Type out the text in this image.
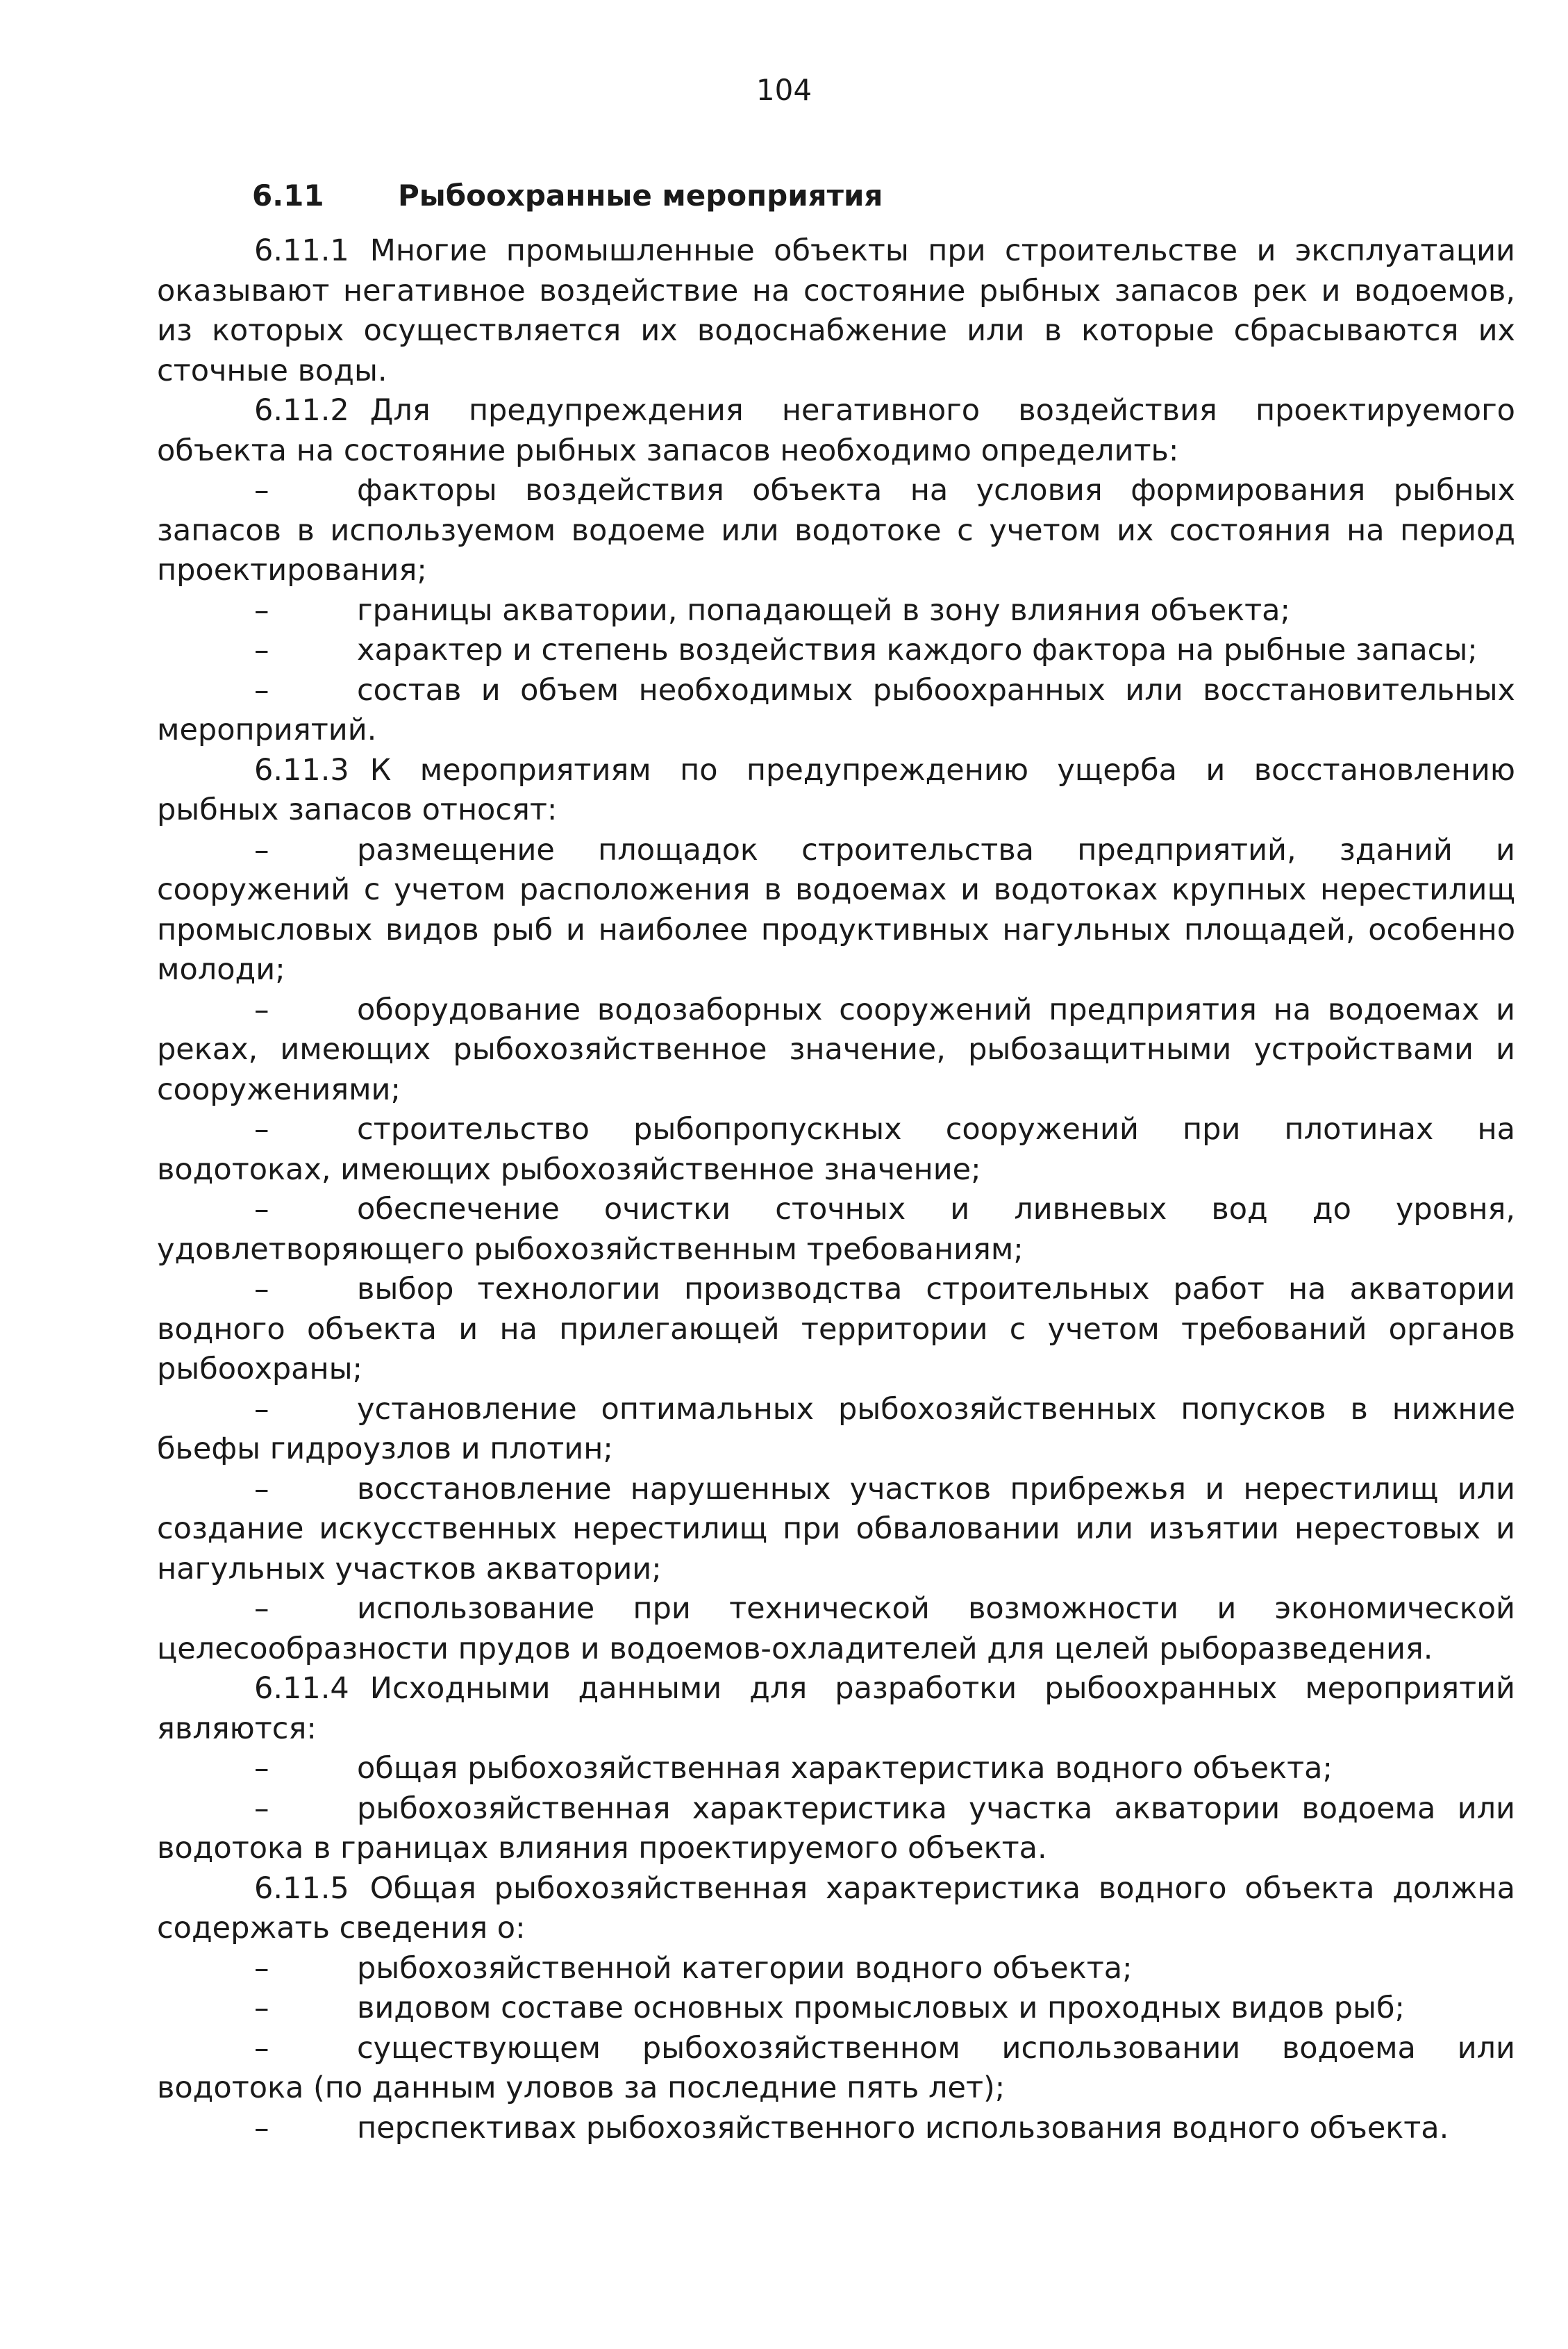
104
6.11	Рыбоохранные мероприятия

6.11.1 Многие промышленные объекты при строительстве и эксплуатации оказывают негативное воздействие на состояние рыбных запасов рек и водоемов, из которых осуществляется их водоснабжение или в которые сбрасываются их сточные воды.

6.11.2 Для предупреждения негативного воздействия проектируемого объекта на состояние рыбных запасов необходимо определить:

–	факторы воздействия объекта на условия формирования рыбных запасов в используемом водоеме или водотоке с учетом их состояния на период проектирования;

–	границы акватории, попадающей в зону влияния объекта;

–	характер и степень воздействия каждого фактора на рыбные запасы;

–	состав и объем необходимых рыбоохранных или восстановительных мероприятий.

6.11.3 К мероприятиям по предупреждению ущерба и восстановлению рыбных запасов относят:

–	размещение площадок строительства предприятий, зданий и сооружений с учетом расположения в водоемах и водотоках крупных нерестилищ промысловых видов рыб и наиболее продуктивных нагульных площадей, особенно молоди;

–	оборудование водозаборных сооружений предприятия на водоемах и реках, имеющих рыбохозяйственное значение, рыбозащитными устройствами и сооружениями;

–	строительство рыбопропускных сооружений при плотинах на водотоках, имеющих рыбохозяйственное значение;

–	обеспечение очистки сточных и ливневых вод до уровня, удовлетворяющего рыбохозяйственным требованиям;

–	выбор технологии производства строительных работ на акватории водного объекта и на прилегающей территории с учетом требований органов рыбоохраны;

–	установление оптимальных рыбохозяйственных попусков в нижние бьефы гидроузлов и плотин;

–	восстановление нарушенных участков прибрежья и нерестилищ или создание искусственных нерестилищ при обваловании или изъятии нерестовых и нагульных участков акватории;

–	использование при технической возможности и экономической целесообразности прудов и водоемов-охладителей для целей рыборазведения.

6.11.4 Исходными данными для разработки рыбоохранных мероприятий являются:

–	общая рыбохозяйственная характеристика водного объекта;

–	рыбохозяйственная характеристика участка акватории водоема или водотока в границах влияния проектируемого объекта.

6.11.5 Общая рыбохозяйственная характеристика водного объекта должна содержать сведения о:

–	рыбохозяйственной категории водного объекта;

–	видовом составе основных промысловых и проходных видов рыб;

–	существующем рыбохозяйственном использовании водоема или водотока (по данным уловов за последние пять лет);

–	перспективах рыбохозяйственного использования водного объекта.
